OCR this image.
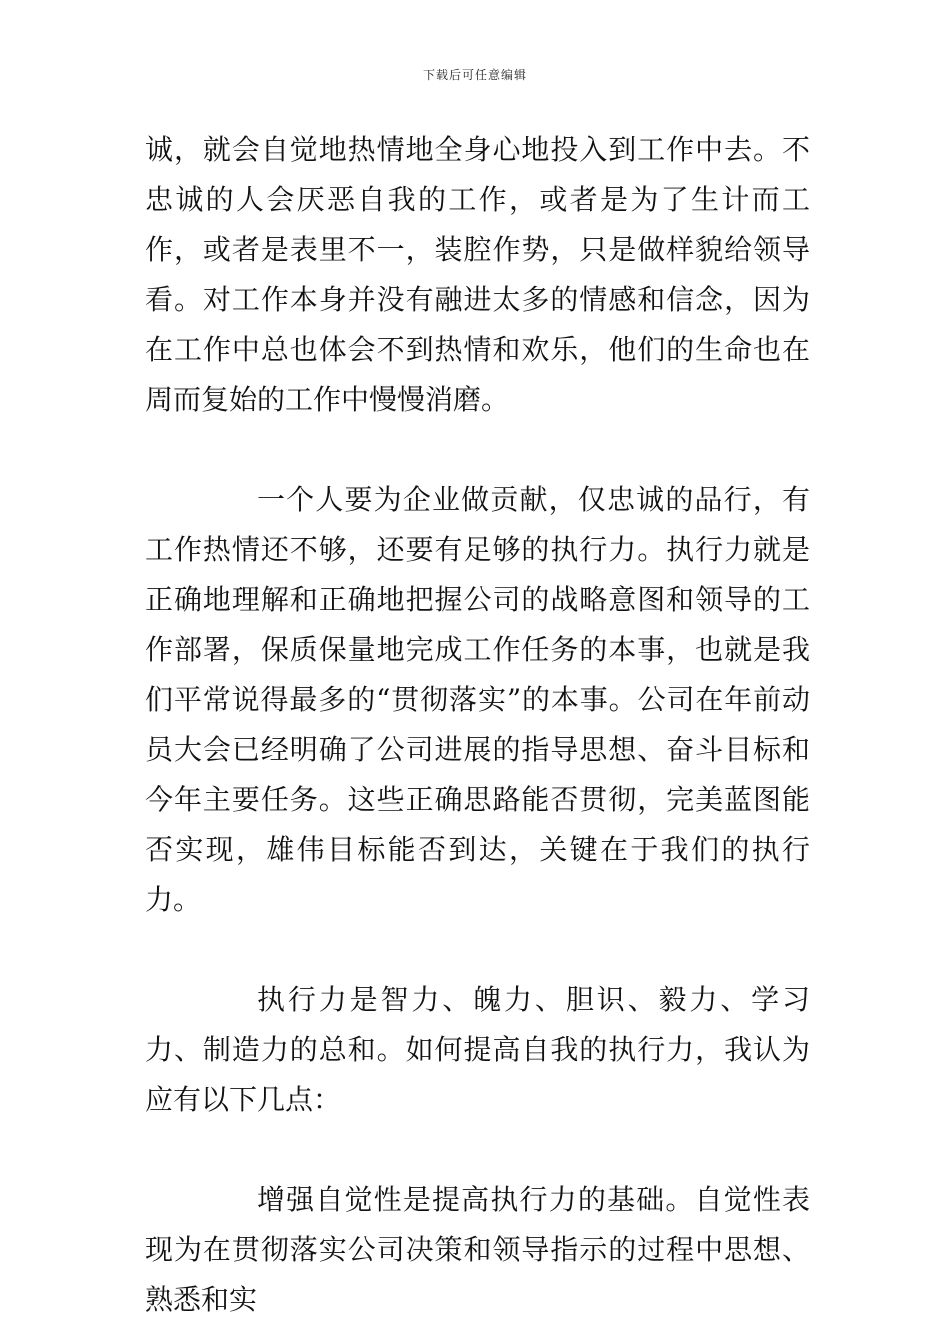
下载后可任意编辑

诚，就会自觉地热情地全身心地投入到工作中去。不忠诚的人会厌恶自我的工作，或者是为了生计而工作，或者是表里不一，装腔作势，只是做样貌给领导看。对工作本身并没有融进太多的情感和信念，因为在工作中总也体会不到热情和欢乐，他们的生命也在周而复始的工作中慢慢消磨。

一个人要为企业做贡献，仅忠诚的品行，有工作热情还不够，还要有足够的执行力。执行力就是正确地理解和正确地把握公司的战略意图和领导的工作部署，保质保量地完成工作任务的本事，也就是我们平常说得最多的“贯彻落实”的本事。公司在年前动员大会已经明确了公司进展的指导思想、奋斗目标和今年主要任务。这些正确思路能否贯彻，完美蓝图能否实现，雄伟目标能否到达，关键在于我们的执行力。

执行力是智力、魄力、胆识、毅力、学习力、制造力的总和。如何提高自我的执行力，我认为应有以下几点：

增强自觉性是提高执行力的基础。自觉性表现为在贯彻落实公司决策和领导指示的过程中思想、熟悉和实
